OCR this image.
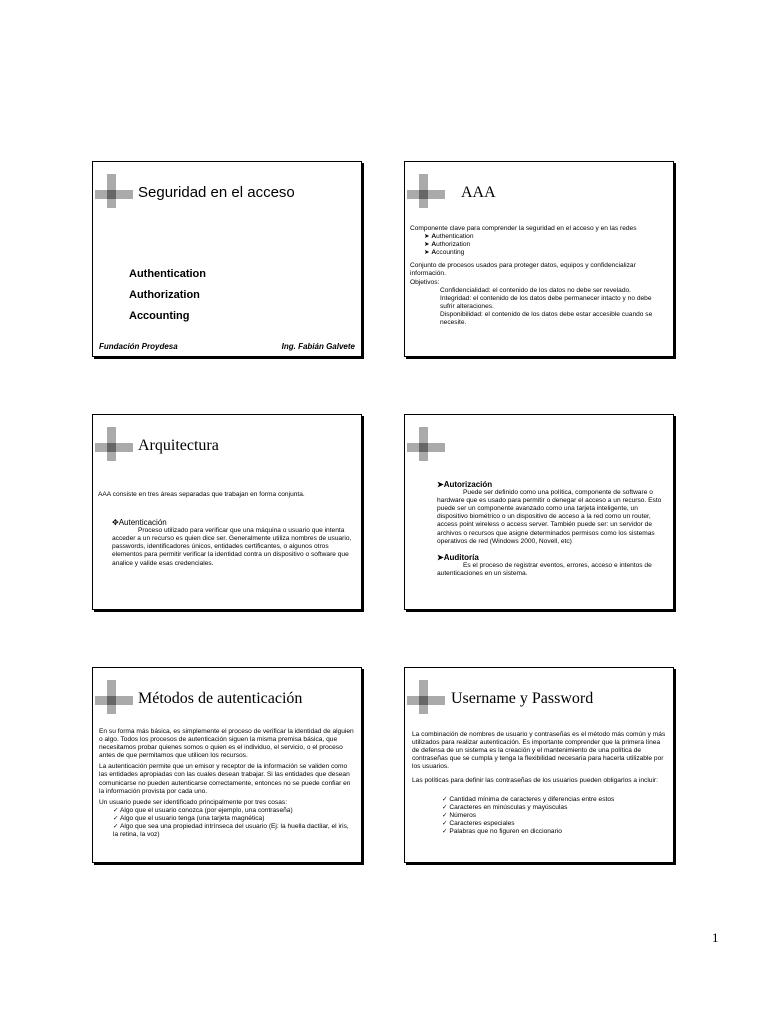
Seguridad en el acceso
Authentication
Authorization
Accounting
Fundación Proydesa	Ing. Fabián Galvete
AAA

Componente clave para comprender la seguridad en el acceso y en las redes

➤ Authentication

➤ Authorization

➤ Accounting

Conjunto de procesos usados para proteger datos, equipos y confidencializar información.

Objetivos:

Confidencialidad: el contenido de los datos no debe ser revelado.

Integridad: el contenido de los datos debe permanecer intacto y no debe sufrir alteraciones.

Disponibilidad: el contenido de los datos debe estar accesible cuando se necesite.

Arquitectura

AAA consiste en tres áreas separadas que trabajan en forma conjunta.

✥Autenticación

Proceso utilizado para verificar que una máquina o usuario que intenta acceder a un recurso es quien dice ser. Generalmente utiliza nombres de usuario, passwords, identificadores únicos, entidades certificantes, o algunos otros elementos para permitir verificar la identidad contra un dispositivo o software que analice y valide esas credenciales.

➤Autorización

Puede ser definido como una política, componente de software o hardware que es usado para permitir o denegar el acceso a un recurso. Esto puede ser un componente avanzado como una tarjeta inteligente, un dispositivo biométrico o un dispositivo de acceso a la red como un router, access point wireless o access server. También puede ser: un servidor de archivos o recursos que asigne determinados permisos como los sistemas operativos de red (Windows 2000, Novell, etc)

➤Auditoría

Es el proceso de registrar eventos, errores, acceso e intentos de autenticaciones en un sistema.

Métodos de autenticación

En su forma más básica, es simplemente el proceso de verificar la identidad de alguien o algo. Todos los procesos de autenticación siguen la misma premisa básica, que necesitamos probar quienes somos o quien es el individuo, el servicio, o el proceso antes de que permitamos que utilicen los recursos.

La autenticación permite que un emisor y receptor de la información se validen como las entidades apropiadas con las cuales desean trabajar. Si las entidades que desean comunicarse no pueden autenticarse correctamente, entonces no se puede confiar en la información provista por cada uno.

Un usuario puede ser identificado principalmente por tres cosas:

✓ Algo que el usuario conozca (por ejemplo, una contraseña)

✓ Algo que el usuario tenga (una tarjeta magnética)

✓ Algo que sea una propiedad intrínseca del usuario (Ej: la huella dactilar, el iris, la retina, la voz)

Username y Password

La combinación de nombres de usuario y contraseñas es el método más común y más utilizados para realizar autenticación. Es importante comprender que la primera línea de defensa de un sistema es la creación y el mantenimiento de una política de contraseñas que se cumpla y tenga la flexibilidad necesaria para hacerla utilizable por los usuarios.

Las políticas para definir las contraseñas de los usuarios pueden obligarlos a incluir:

✓ Cantidad mínima de caracteres y diferencias entre estos

✓ Caracteres en minúsculas y mayúsculas

✓ Números

✓ Caracteres especiales

✓ Palabras que no figuren en diccionario

1
